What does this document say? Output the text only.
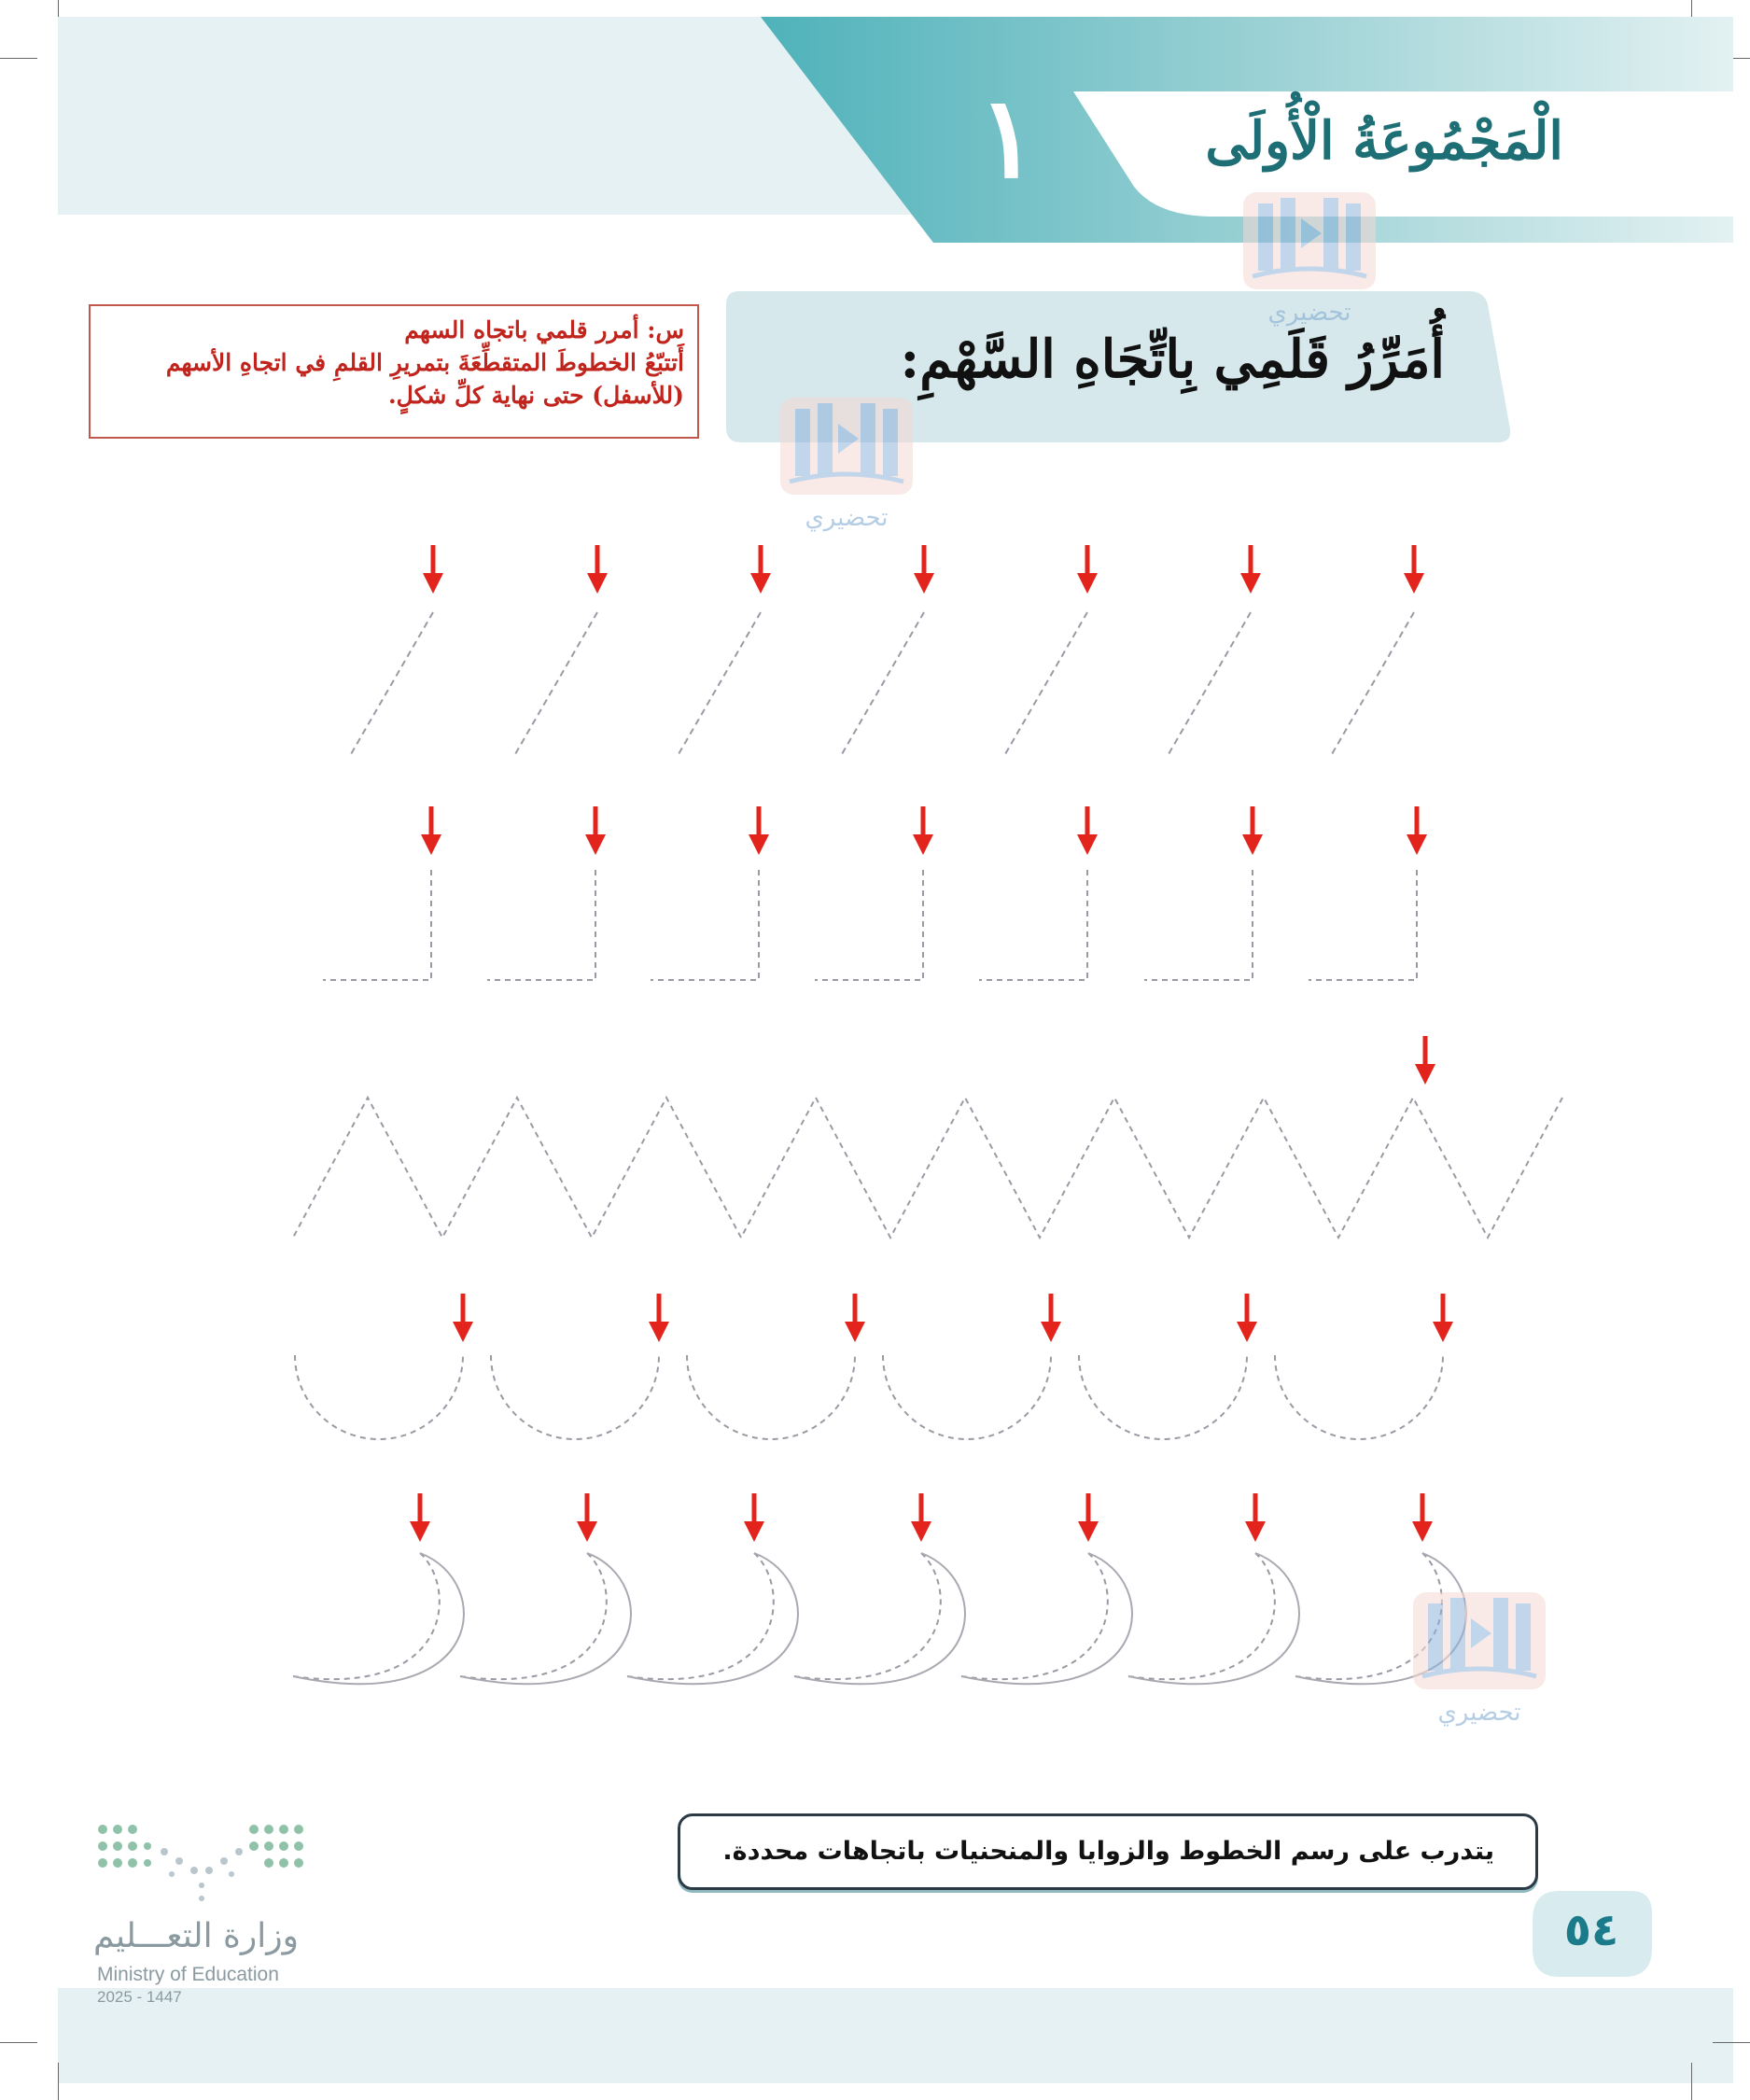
الْمَجْمُوعَةُ الْأُولَى
١
أُمَرِّرُ قَلَمِي بِاتِّجَاهِ السَّهْمِ:
س: أمرر قلمي باتجاه السهم
أَتتبّعُ الخطوطَ المتقطِّعَةَ بتمريرِ القلمِ في اتجاهِ الأسهم
(للأسفل) حتى نهاية كلِّ شكلٍ.
تحضيري
تحضيري
تحضيري
يتدرب على رسم الخطوط والزوايا والمنحنيات باتجاهات محددة.
٥٤
وزارة التعـــليم
Ministry of Education
2025 - 1447
